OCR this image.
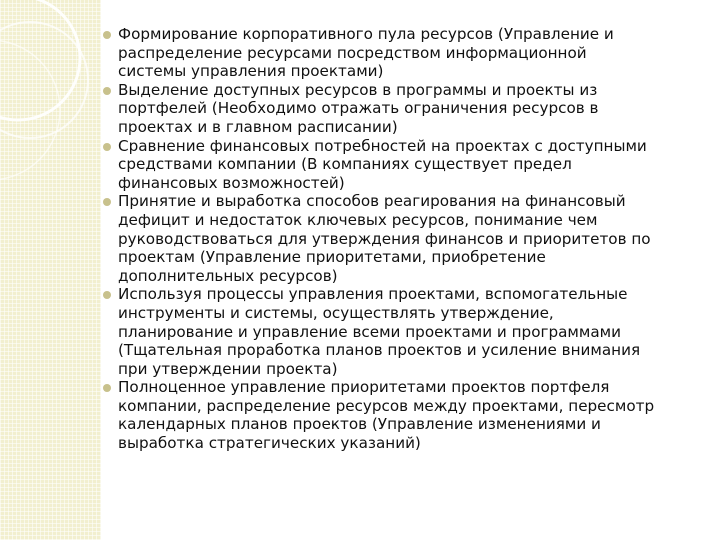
Формирование корпоративного пула ресурсов (Управление и
распределение ресурсами посредством информационной
системы управления проектами)
Выделение доступных ресурсов в программы и проекты из
портфелей (Необходимо отражать ограничения ресурсов в
проектах и в главном расписании)
Сравнение финансовых потребностей на проектах с доступными
средствами компании (В компаниях существует предел
финансовых возможностей)
Принятие и выработка способов реагирования на финансовый
дефицит и недостаток ключевых ресурсов, понимание чем
руководствоваться для утверждения финансов и приоритетов по
проектам (Управление приоритетами, приобретение
дополнительных ресурсов)
Используя процессы управления проектами, вспомогательные
инструменты и системы, осуществлять утверждение,
планирование и управление всеми проектами и программами
(Тщательная проработка планов проектов и усиление внимания
при утверждении проекта)
Полноценное управление приоритетами проектов портфеля
компании, распределение ресурсов между проектами, пересмотр
календарных планов проектов (Управление изменениями и
выработка стратегических указаний)
